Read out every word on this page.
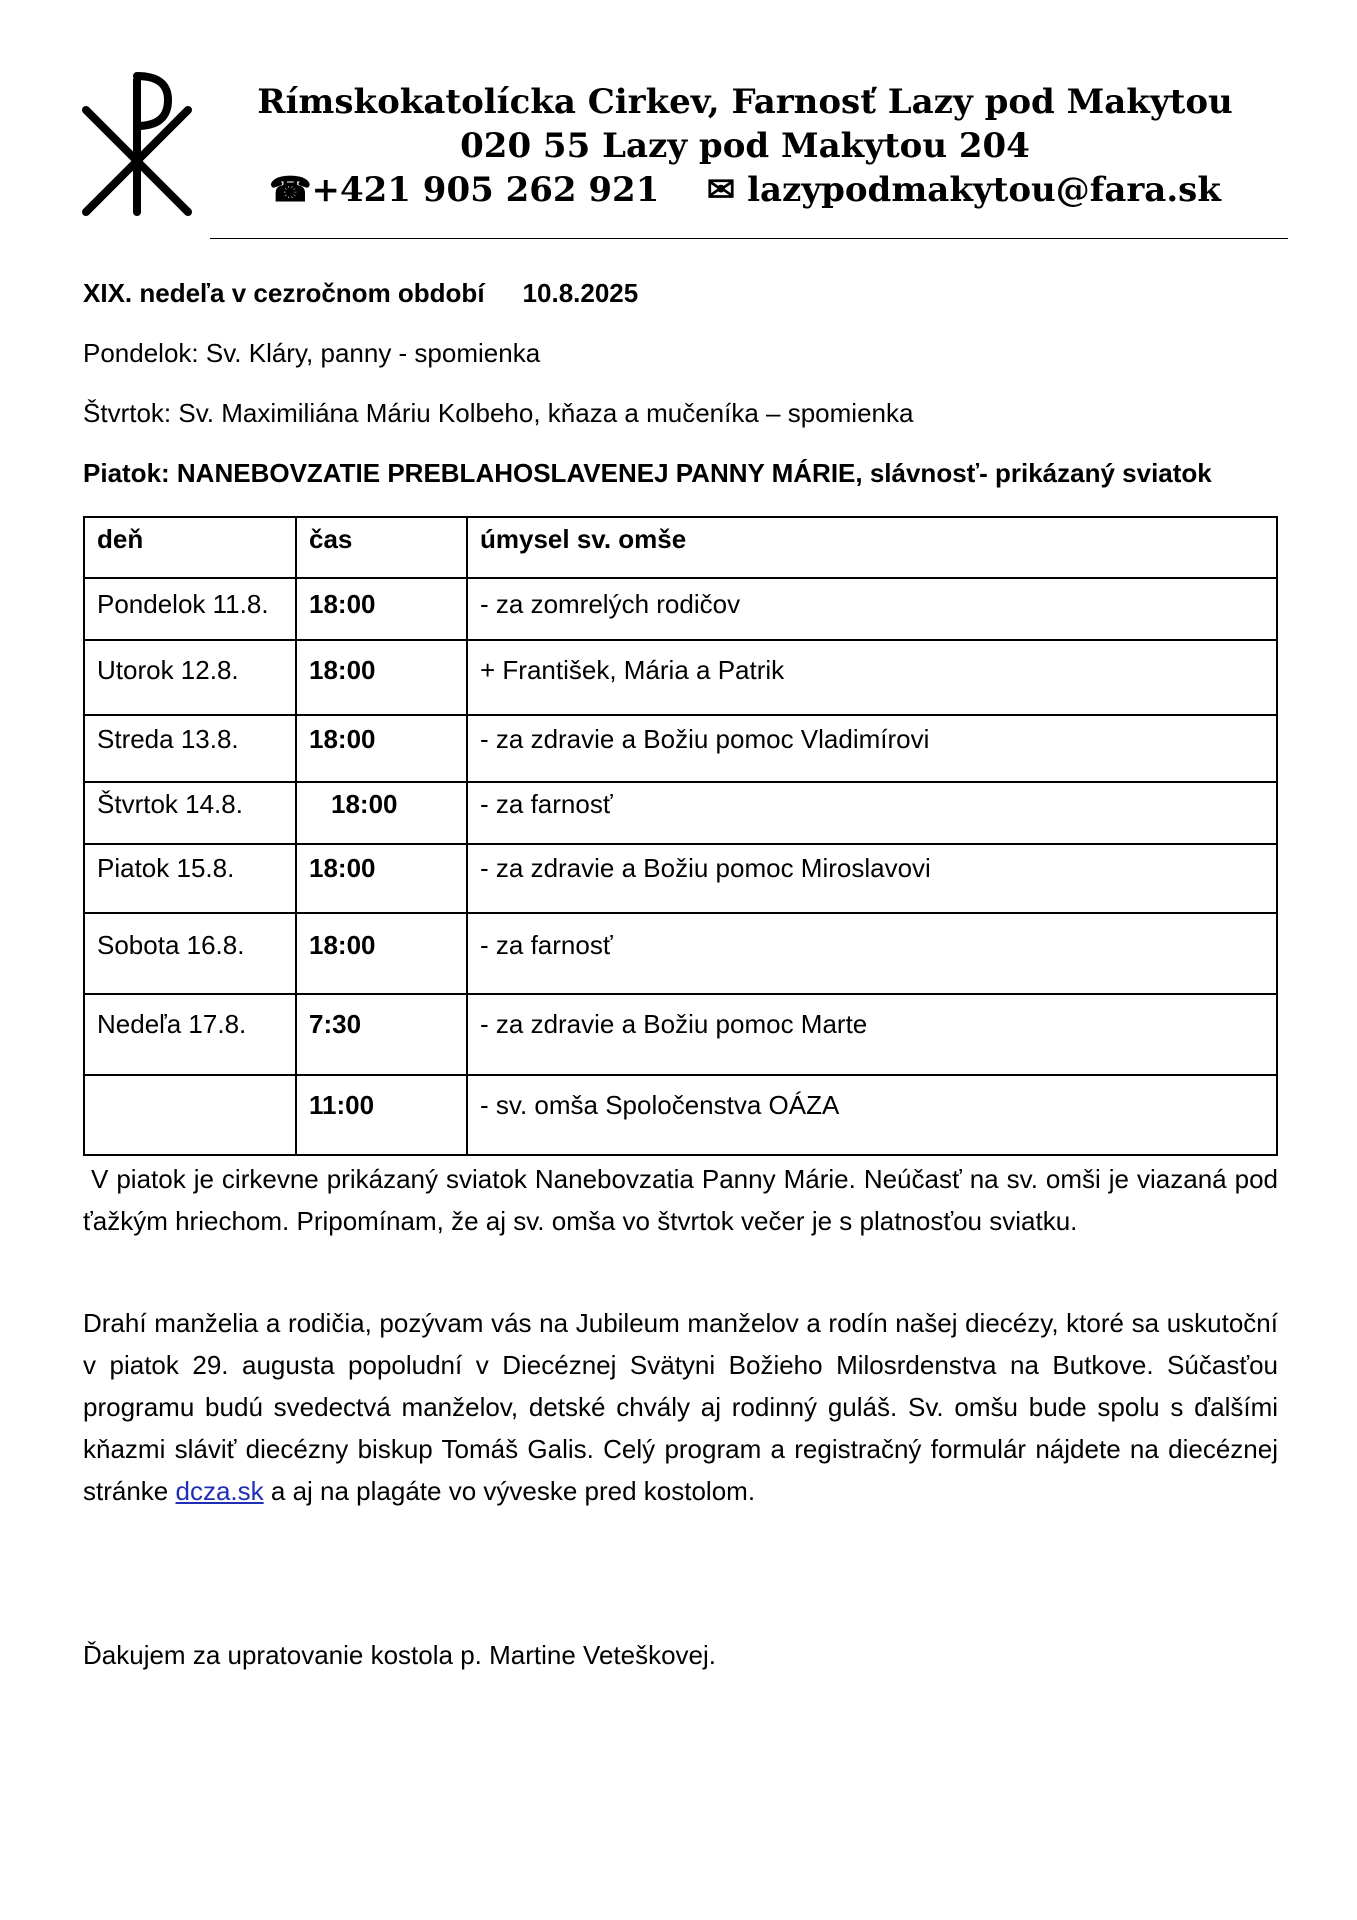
Rímskokatolícka Cirkev, Farnosť Lazy pod Makytou
020 55 Lazy pod Makytou 204
☎+421 905 262 921 ✉ lazypodmakytou@fara.sk
XIX. nedeľa v cezročnom období 10.8.2025
Pondelok: Sv. Kláry, panny - spomienka
Štvrtok: Sv. Maximiliána Máriu Kolbeho, kňaza a mučeníka – spomienka
Piatok: NANEBOVZATIE PREBLAHOSLAVENEJ PANNY MÁRIE, slávnosť- prikázaný sviatok
deň	čas	úmysel sv. omše
Pondelok 11.8.	18:00	- za zomrelých rodičov
Utorok 12.8.	18:00	+ František, Mária a Patrik
Streda 13.8.	18:00	- za zdravie a Božiu pomoc Vladimírovi
Štvrtok 14.8.	18:00	- za farnosť
Piatok 15.8.	18:00	- za zdravie a Božiu pomoc Miroslavovi
Sobota 16.8.	18:00	- za farnosť
Nedeľa 17.8.	7:30	- za zdravie a Božiu pomoc Marte
	11:00	- sv. omša Spoločenstva OÁZA
V piatok je cirkevne prikázaný sviatok Nanebovzatia Panny Márie. Neúčasť na sv. omši je viazaná pod ťažkým hriechom. Pripomínam, že aj sv. omša vo štvrtok večer je s platnosťou sviatku.
Drahí manželia a rodičia, pozývam vás na Jubileum manželov a rodín našej diecézy, ktoré sa uskutoční v piatok 29. augusta popoludní v Diecéznej Svätyni Božieho Milosrdenstva na Butkove. Súčasťou programu budú svedectvá manželov, detské chvály aj rodinný guláš. Sv. omšu bude spolu s ďalšími kňazmi sláviť diecézny biskup Tomáš Galis. Celý program a registračný formulár nájdete na diecéznej stránke dcza.sk a aj na plagáte vo výveske pred kostolom.
Ďakujem za upratovanie kostola p. Martine Veteškovej.
